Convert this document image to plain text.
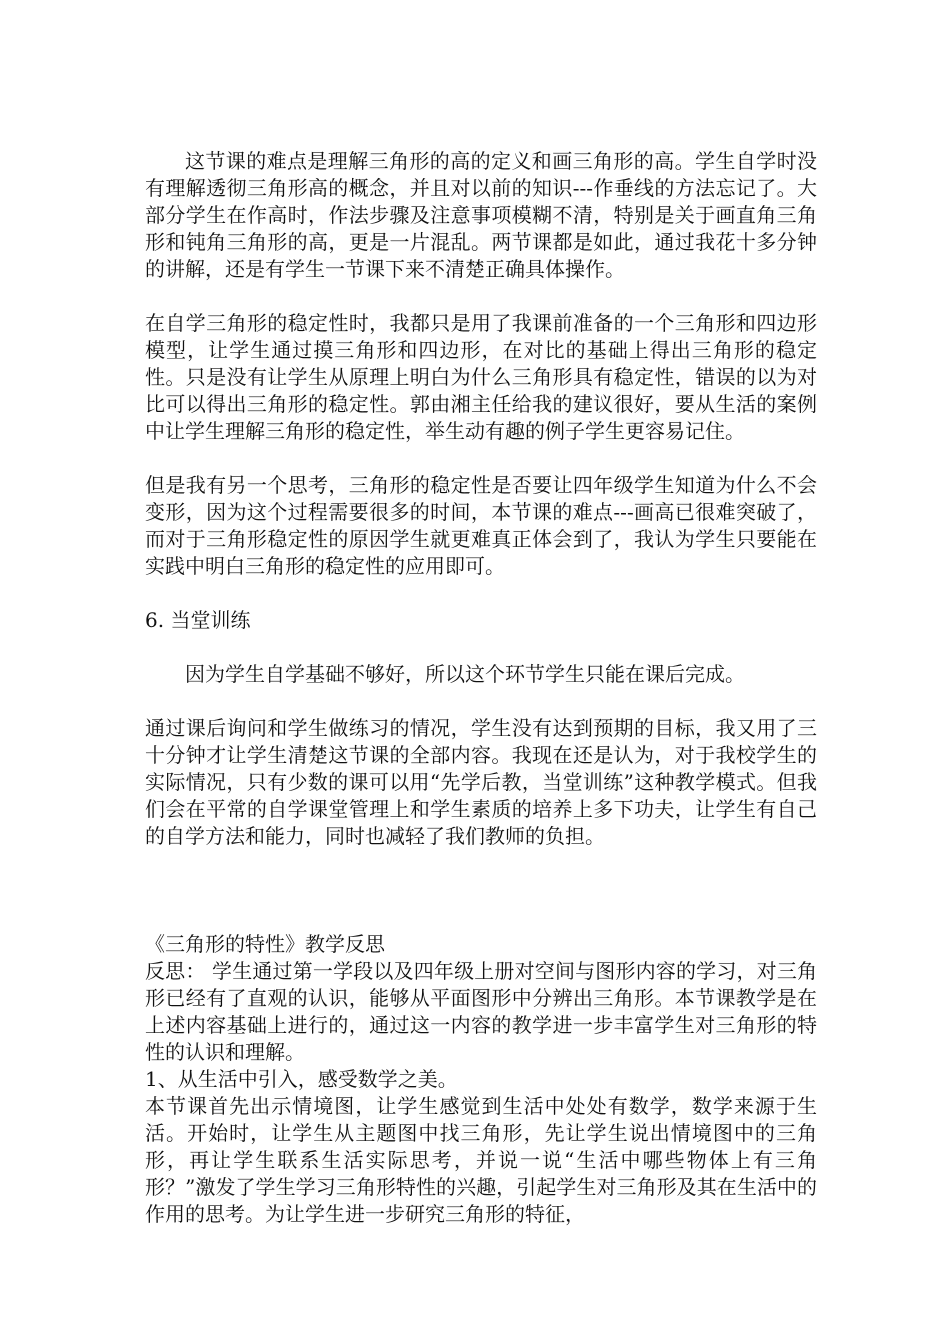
这节课的难点是理解三角形的高的定义和画三角形的高。学生自学时没有理解透彻三角形高的概念，并且对以前的知识---作垂线的方法忘记了。大部分学生在作高时，作法步骤及注意事项模糊不清，特别是关于画直角三角形和钝角三角形的高，更是一片混乱。两节课都是如此，通过我花十多分钟的讲解，还是有学生一节课下来不清楚正确具体操作。

在自学三角形的稳定性时，我都只是用了我课前准备的一个三角形和四边形模型，让学生通过摸三角形和四边形，在对比的基础上得出三角形的稳定性。只是没有让学生从原理上明白为什么三角形具有稳定性，错误的以为对比可以得出三角形的稳定性。郭由湘主任给我的建议很好，要从生活的案例中让学生理解三角形的稳定性，举生动有趣的例子学生更容易记住。

但是我有另一个思考，三角形的稳定性是否要让四年级学生知道为什么不会变形，因为这个过程需要很多的时间，本节课的难点---画高已很难突破了，而对于三角形稳定性的原因学生就更难真正体会到了，我认为学生只要能在实践中明白三角形的稳定性的应用即可。

6. 当堂训练

因为学生自学基础不够好，所以这个环节学生只能在课后完成。

通过课后询问和学生做练习的情况，学生没有达到预期的目标，我又用了三十分钟才让学生清楚这节课的全部内容。我现在还是认为，对于我校学生的实际情况，只有少数的课可以用“先学后教，当堂训练”这种教学模式。但我们会在平常的自学课堂管理上和学生素质的培养上多下功夫，让学生有自己的自学方法和能力，同时也减轻了我们教师的负担。

《三角形的特性》教学反思

反思： 学生通过第一学段以及四年级上册对空间与图形内容的学习，对三角形已经有了直观的认识，能够从平面图形中分辨出三角形。本节课教学是在上述内容基础上进行的，通过这一内容的教学进一步丰富学生对三角形的特性的认识和理解。

1、从生活中引入，感受数学之美。

本节课首先出示情境图，让学生感觉到生活中处处有数学，数学来源于生活。开始时，让学生从主题图中找三角形，先让学生说出情境图中的三角形，再让学生联系生活实际思考，并说一说“生活中哪些物体上有三角形？”激发了学生学习三角形特性的兴趣，引起学生对三角形及其在生活中的作用的思考。为让学生进一步研究三角形的特征，
